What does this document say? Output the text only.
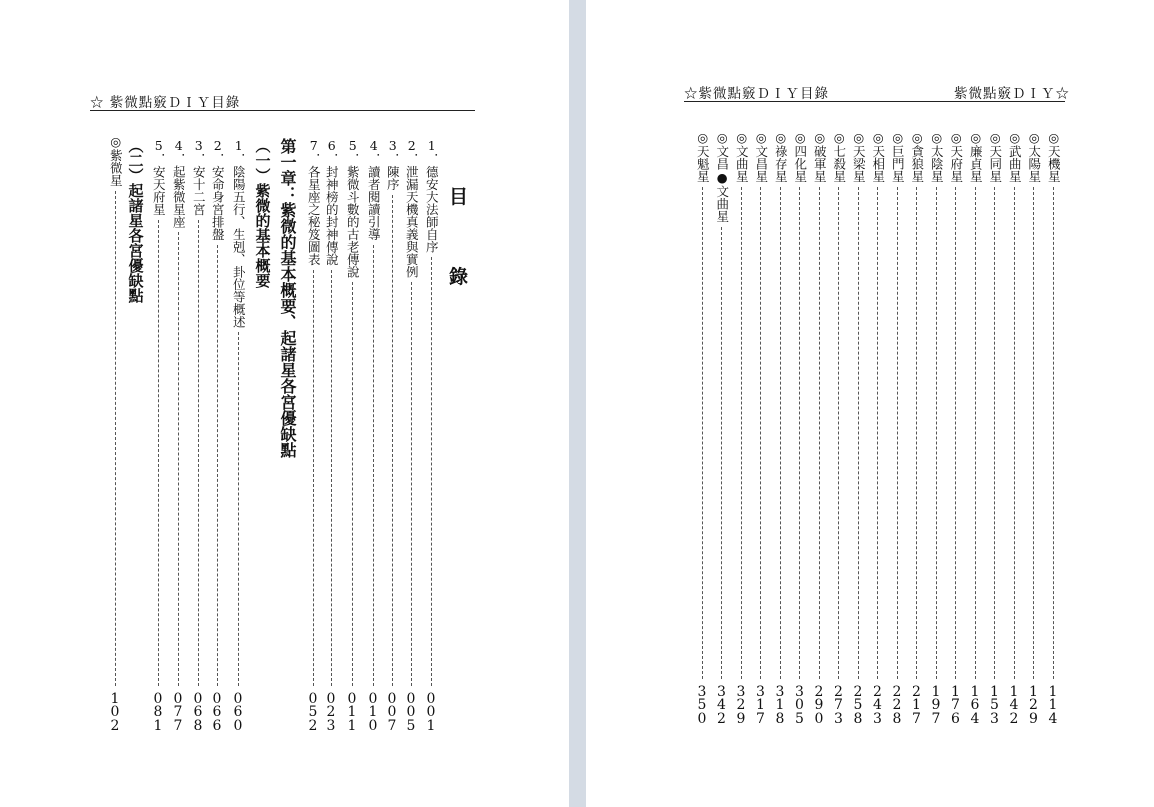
☆ 紫微點竅ＤＩＹ目錄
目
錄
1．德安大法師自序
0
0
1
2．泄漏天機真義與實例
0
0
5
3．陳序
0
0
7
4．讀者閱讀引導
0
1
0
5．紫微斗數的古老傳說
0
1
1
6．封神榜的封神傳說
0
2
3
7．各星座之秘笈圖表
0
5
2
第一章：紫微的基本概要、起諸星各宮優缺點
（一）紫微的基本概要
1．陰陽五行、生剋、卦位等概述
0
6
0
2．安命身宮排盤
0
6
6
3．安十二宮
0
6
8
4．起紫微星座
0
7
7
5．安天府星
0
8
1
（二）起諸星各宮優缺點
◎紫微星
1
0
2
☆紫微點竅ＤＩＹ目錄	紫微點竅ＤＩＹ☆
◎天機星
1
1
4
◎太陽星
1
2
9
◎武曲星
1
4
2
◎天同星
1
5
3
◎廉貞星
1
6
4
◎天府星
1
7
6
◎太陰星
1
9
7
◎貪狼星
2
1
7
◎巨門星
2
2
8
◎天相星
2
4
3
◎天梁星
2
5
8
◎七殺星
2
7
3
◎破軍星
2
9
0
◎四化星
3
0
5
◎祿存星
3
1
8
◎文昌星
3
1
7
◎文曲星
3
2
9
◎文昌●文曲星
3
4
2
◎天魁星
3
5
0
